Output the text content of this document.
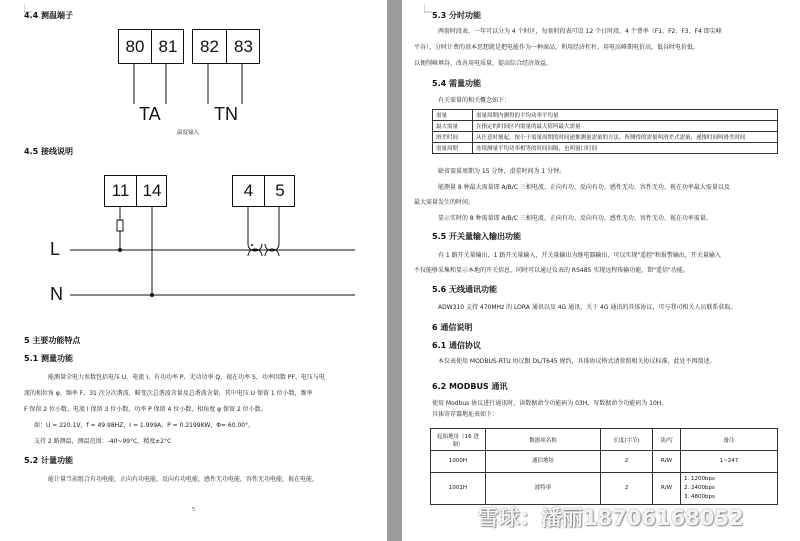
4.4 测温端子
80 81	82 83
TA	TN
温度输入
4.5 接线说明
11 14	4	5
L
N
5 主要功能特点
5.1 测量功能
能测量全电力参数包括电压 U、电流 I、有功功率 P、无功功率 Q、视在功率 S、功率因数 PF、电压与电
流的相位角 φ、频率 F、31 次分次谐波、畸变次总谐波含量及总谐波含量，其中电压 U 保留 1 位小数，频率
F 保留 2 位小数，电流 I 保留 3 位小数，功率 P 保留 4 位小数，相角度 φ 保留 2 位小数。
如：U = 220.1V，f = 49.98HZ，I = 1.999A，P = 0.2199KW，Φ= 60.00°。
支持 2 路测温，测温范围：-40~99°C，精度±2°C
5.2 计量功能
能计量当前组合有功电能，正向有功电能，反向有功电能，感性无功电能，容性无功电能，视在电能，
5
5.3 分时功能
两套时段表，一年可以分为 4 个时区，每套时段表可设 12 个日时段，4 个费率（F1、F2、F3、F4 即尖峰
平谷），分时计费的基本思想就是把电能作为一种商品，利用经济杠杆，用电高峰期电价高，低谷时电价低，
以便削峰填谷，改善用电质量，提高综合经济效益。
5.4 需量功能
有关需量的相关概念如下：
需量	需量周期内测得的平均功率平均量
最大需量	在指定的时间区内需量的最大值叫最大需量
滑差时间	从任意时刻起，按小于需量周期的时间递推测量需量的方法，所测得的需量叫滑差式需量，递推时间叫滑差时间
需量周期	连续测量平均功率相等的时间间隔，也叫窗口时间
缺省需量周期为 15 分钟，滑差时间为 1 分钟。
能测量 8 种最大需量即 A/B/C 三相电流、正向有功、反向有功、感性无功、容性无功、视在功率最大需量以及
最大需量发生的时间。
显示实时的 8 种需量即 A/B/C 三相电流、正向有功、反向有功、感性无功、容性无功、视在功率需量。
5.5 开关量输入输出功能
有 1 路开关量输出，1 路开关量输入，开关量输出为继电器输出，可以实现"遥控"和报警输出，开关量输入
不仅能够采集和显示本地的开关信息，同时可以通过仪表的 RS485 实现远程传输功能，即"遥信"功能。
5.6 无线通讯功能
ADW310 支持 470MHz 的 LORA 通讯以及 4G 通讯，关于 4G 通讯的具体协议，可与我司相关人员联系获取。
6 通信说明
6.1 通信协议
本仪表使用 MODBUS-RTU 协议跟 DL/T645 规约，具体协议格式请参照相关协议标准，此处不再赘述。
6.2 MODBUS 通讯
使用 Modbus 协议进行通讯时，读数据命令功能码为 03H，写数据命令功能码为 10H。
具体寄存器地址表如下：
起始地址（16 进制）	数据项名称	长度(字节)	读/写	备注
1000H	通信地址	2	R/W	1~247
1001H	波特率	2	R/W	1. 1200bps
2. 2400bps
3. 4800bps
雪球：潘丽18706168052
